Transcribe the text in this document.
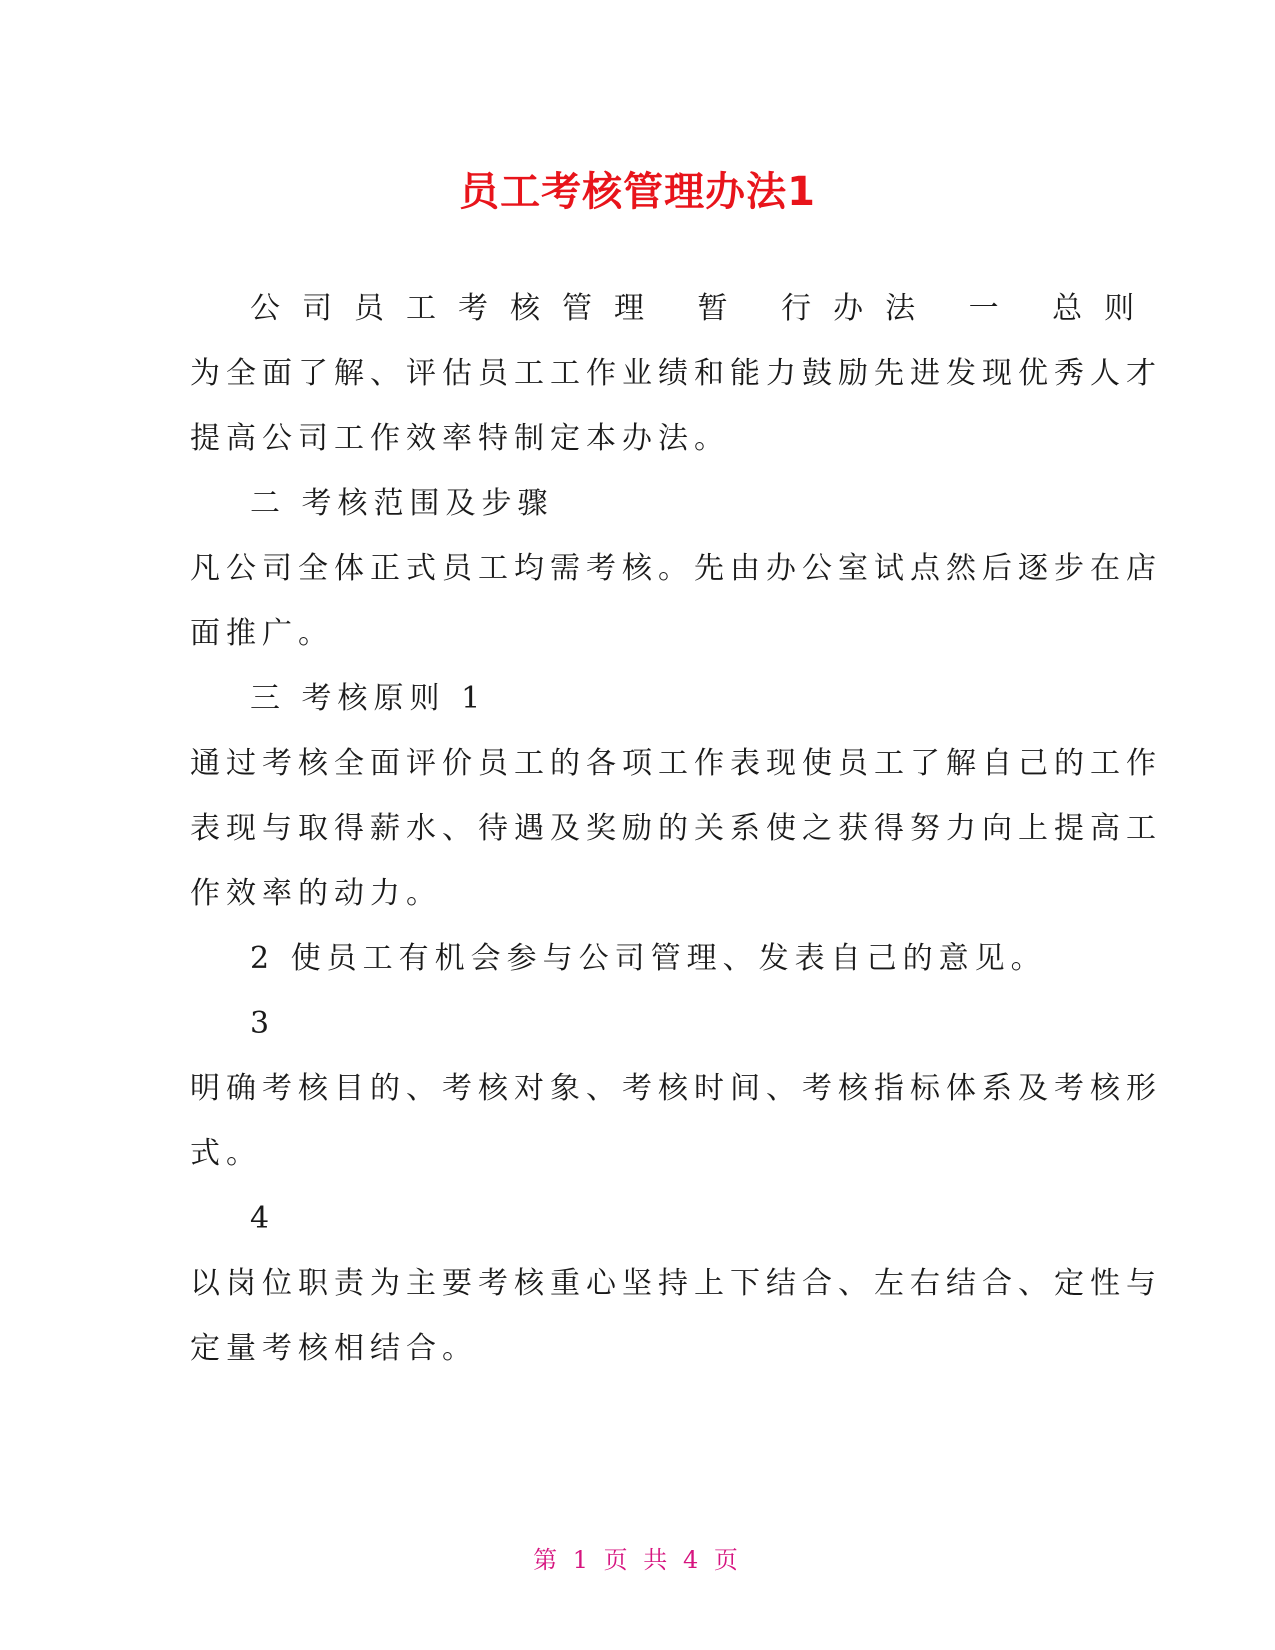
员工考核管理办法1
公司员工考核管理 暂 行办法 一 总则
为全面了解、评估员工工作业绩和能力鼓励先进发现优秀人才
提高公司工作效率特制定本办法。
二 考核范围及步骤
凡公司全体正式员工均需考核。先由办公室试点然后逐步在店
面推广。
三 考核原则 1
通过考核全面评价员工的各项工作表现使员工了解自己的工作
表现与取得薪水、待遇及奖励的关系使之获得努力向上提高工
作效率的动力。
2 使员工有机会参与公司管理、发表自己的意见。
3
明确考核目的、考核对象、考核时间、考核指标体系及考核形
式。
4
以岗位职责为主要考核重心坚持上下结合、左右结合、定性与
定量考核相结合。
第 1 页 共 4 页
